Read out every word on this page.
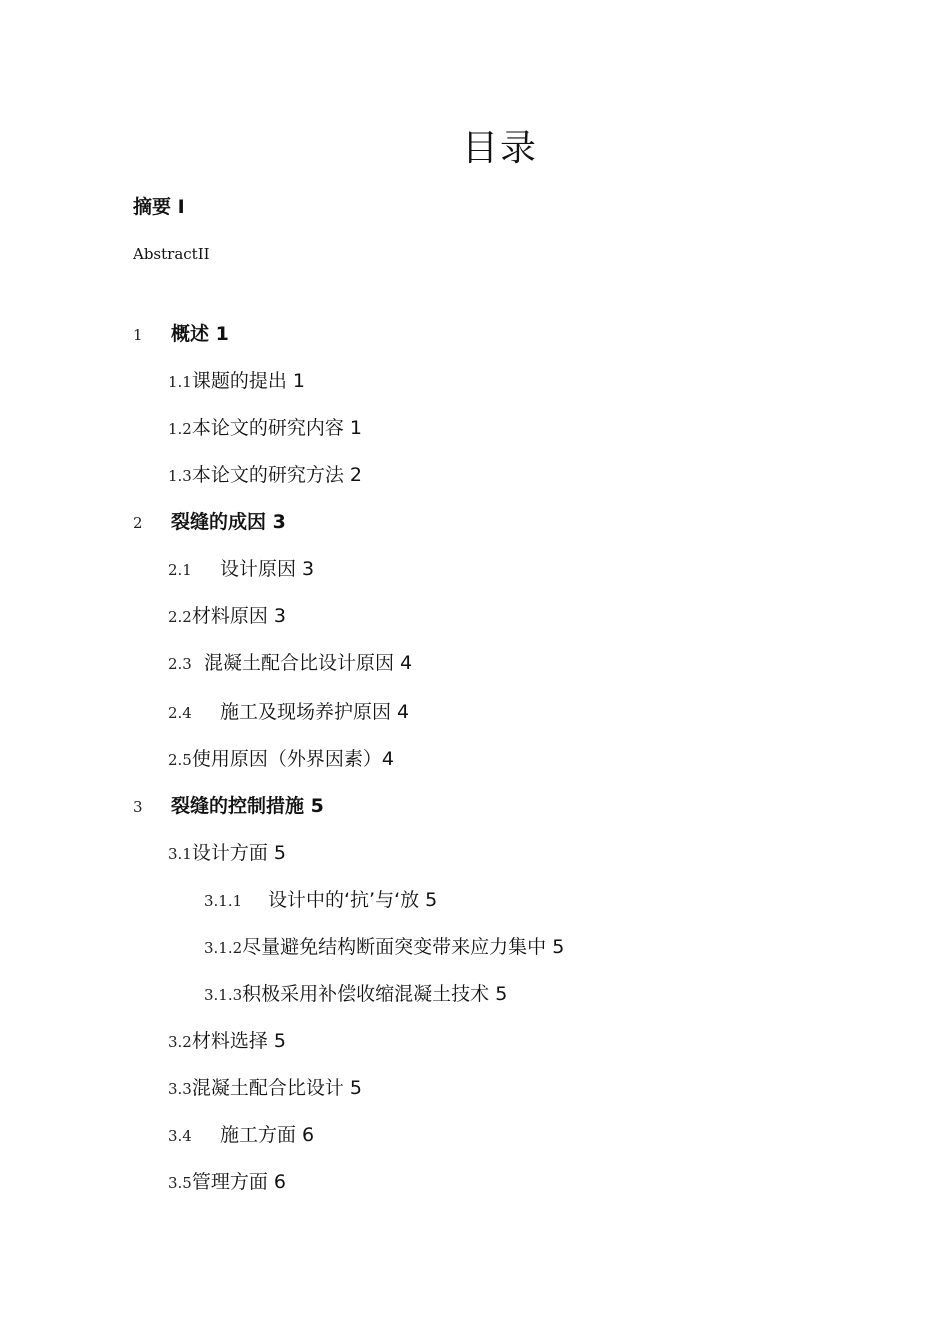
目录
摘要 I
AbstractII
1 概述 1
1.1课题的提出 1
1.2本论文的研究内容 1
1.3本论文的研究方法 2
2 裂缝的成因 3
2.1 设计原因 3
2.2材料原因 3
2.3 混凝土配合比设计原因 4
2.4 施工及现场养护原因 4
2.5使用原因（外界因素）4
3 裂缝的控制措施 5
3.1设计方面 5
3.1.1 设计中的‘抗’与‘放 5
3.1.2尽量避免结构断面突变带来应力集中 5
3.1.3积极采用补偿收缩混凝土技术 5
3.2材料选择 5
3.3混凝土配合比设计 5
3.4 施工方面 6
3.5管理方面 6
